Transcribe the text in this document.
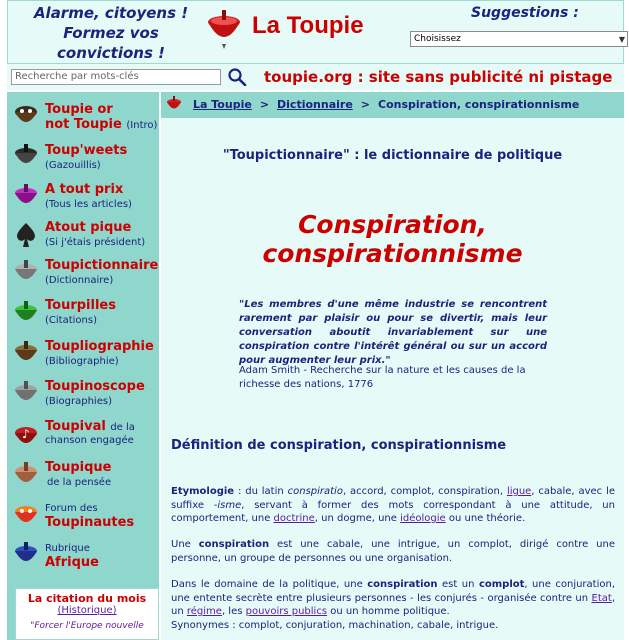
Alarme, citoyens !
Formez vos
convictions !
Suggestions :
Choisissez	▼
La Toupie
Recherche par mots-clés	toupie.org : site sans publicité ni pistage
Toupie or
not Toupie (Intro)
Toup'weets
(Gazouillis)
A tout prix
(Tous les articles)
Atout pique
(Si j'étais président)
Toupictionnaire
(Dictionnaire)
Tourpilles
(Citations)
Toupliographie
(Bibliographie)
Toupinoscope
(Biographies)
♪ Toupival de la
chanson engagée
Toupique
de la pensée
Forum des
Toupinautes
Rubrique
Afrique
La citation du mois
(Historique)
"Forcer l'Europe nouvelle
La Toupie > Dictionnaire > Conspiration, conspirationnisme
"Toupictionnaire" : le dictionnaire de politique
Conspiration,
conspirationnisme
"Les membres d'une même industrie se rencontrent rarement par plaisir ou pour se divertir, mais leur conversation aboutit invariablement sur une conspiration contre l'intérêt général ou sur un accord pour augmenter leur prix."
Adam Smith - Recherche sur la nature et les causes de la richesse des nations, 1776
Définition de conspiration, conspirationnisme
Etymologie : du latin conspiratio, accord, complot, conspiration, ligue, cabale, avec le suffixe -isme, servant à former des mots correspondant à une attitude, un comportement, une doctrine, un dogme, une idéologie ou une théorie.
Une conspiration est une cabale, une intrigue, un complot, dirigé contre une personne, un groupe de personnes ou une organisation.
Dans le domaine de la politique, une conspiration est un complot, une conjuration, une entente secrète entre plusieurs personnes - les conjurés - organisée contre un Etat, un régime, les pouvoirs publics ou un homme politique.
Synonymes : complot, conjuration, machination, cabale, intrigue.
